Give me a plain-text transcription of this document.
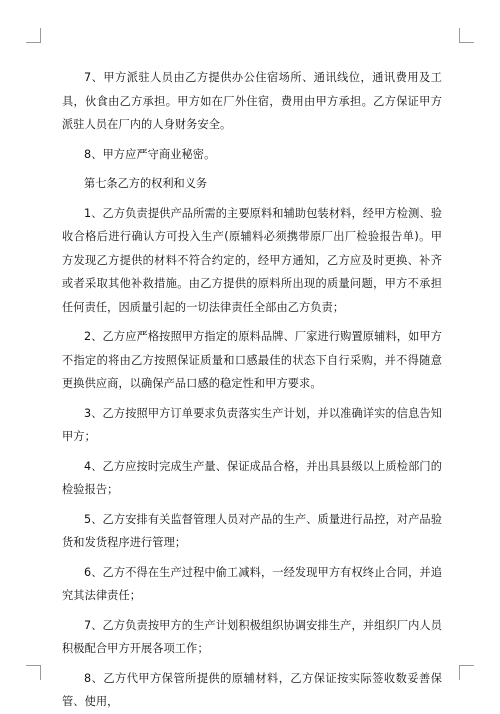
7、甲方派驻人员由乙方提供办公住宿场所、通讯线位，通讯费用及工具，伙食由乙方承担。甲方如在厂外住宿，费用由甲方承担。乙方保证甲方派驻人员在厂内的人身财务安全。

8、甲方应严守商业秘密。

第七条乙方的权利和义务

1、乙方负责提供产品所需的主要原料和辅助包装材料，经甲方检测、验收合格后进行确认方可投入生产(原辅料必须携带原厂出厂检验报告单)。甲方发现乙方提供的材料不符合约定的，经甲方通知，乙方应及时更换、补齐或者采取其他补救措施。由乙方提供的原料所出现的质量问题，甲方不承担任何责任，因质量引起的一切法律责任全部由乙方负责；

2、乙方应严格按照甲方指定的原料品牌、厂家进行购置原辅料，如甲方不指定的将由乙方按照保证质量和口感最佳的状态下自行采购，并不得随意更换供应商，以确保产品口感的稳定性和甲方要求。

3、乙方按照甲方订单要求负责落实生产计划，并以准确详实的信息告知甲方；

4、乙方应按时完成生产量、保证成品合格，并出具县级以上质检部门的检验报告；

5、乙方安排有关监督管理人员对产品的生产、质量进行品控，对产品验货和发货程序进行管理；

6、乙方不得在生产过程中偷工减料，一经发现甲方有权终止合同，并追究其法律责任；

7、乙方负责按甲方的生产计划积极组织协调安排生产，并组织厂内人员积极配合甲方开展各项工作；

8、乙方代甲方保管所提供的原辅材料，乙方保证按实际签收数妥善保管、使用，
